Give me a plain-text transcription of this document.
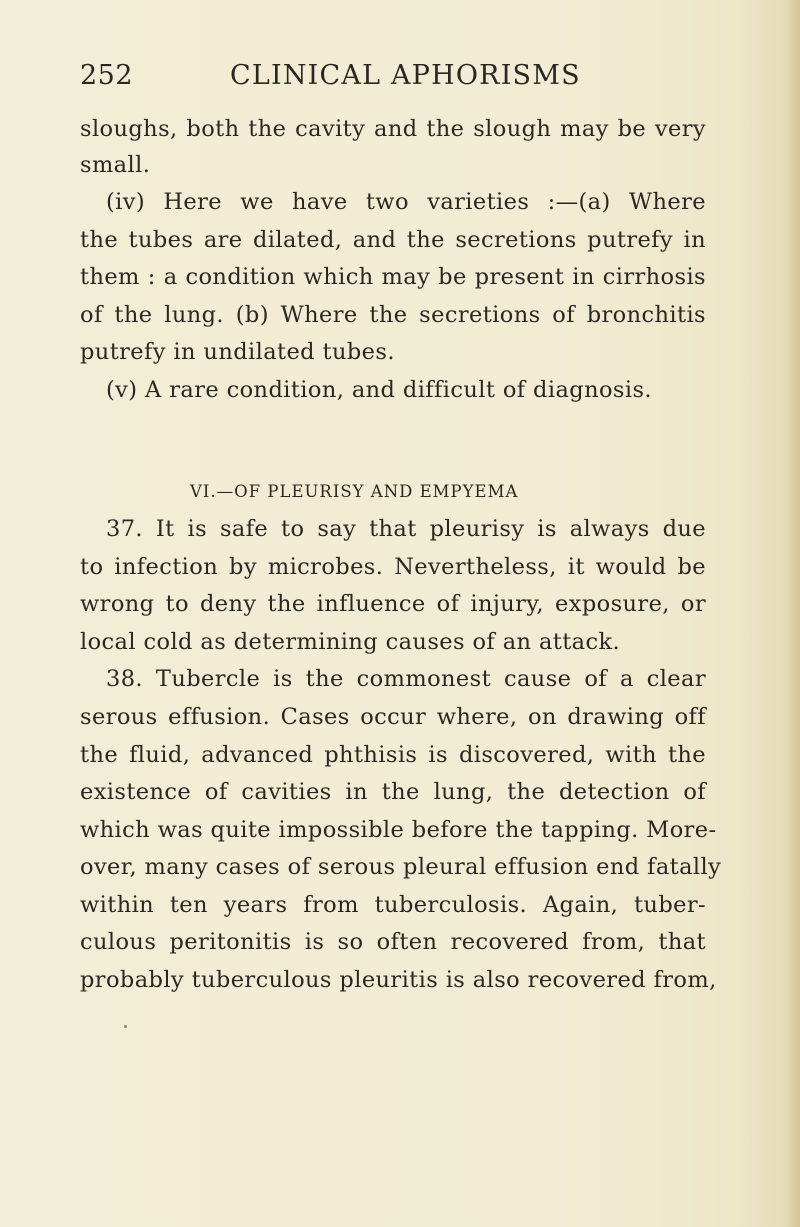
252	CLINICAL APHORISMS
sloughs, both the cavity and the slough may be very
small.
(iv) Here we have two varieties :—(a) Where
the tubes are dilated, and the secretions putrefy in
them : a condition which may be present in cirrhosis
of the lung. (b) Where the secretions of bronchitis
putrefy in undilated tubes.
(v) A rare condition, and difficult of diagnosis.
VI.—OF PLEURISY AND EMPYEMA
37. It is safe to say that pleurisy is always due
to infection by microbes. Nevertheless, it would be
wrong to deny the influence of injury, exposure, or
local cold as determining causes of an attack.
38. Tubercle is the commonest cause of a clear
serous effusion. Cases occur where, on drawing off
the fluid, advanced phthisis is discovered, with the
existence of cavities in the lung, the detection of
which was quite impossible before the tapping. More-
over, many cases of serous pleural effusion end fatally
within ten years from tuberculosis. Again, tuber-
culous peritonitis is so often recovered from, that
probably tuberculous pleuritis is also recovered from,
